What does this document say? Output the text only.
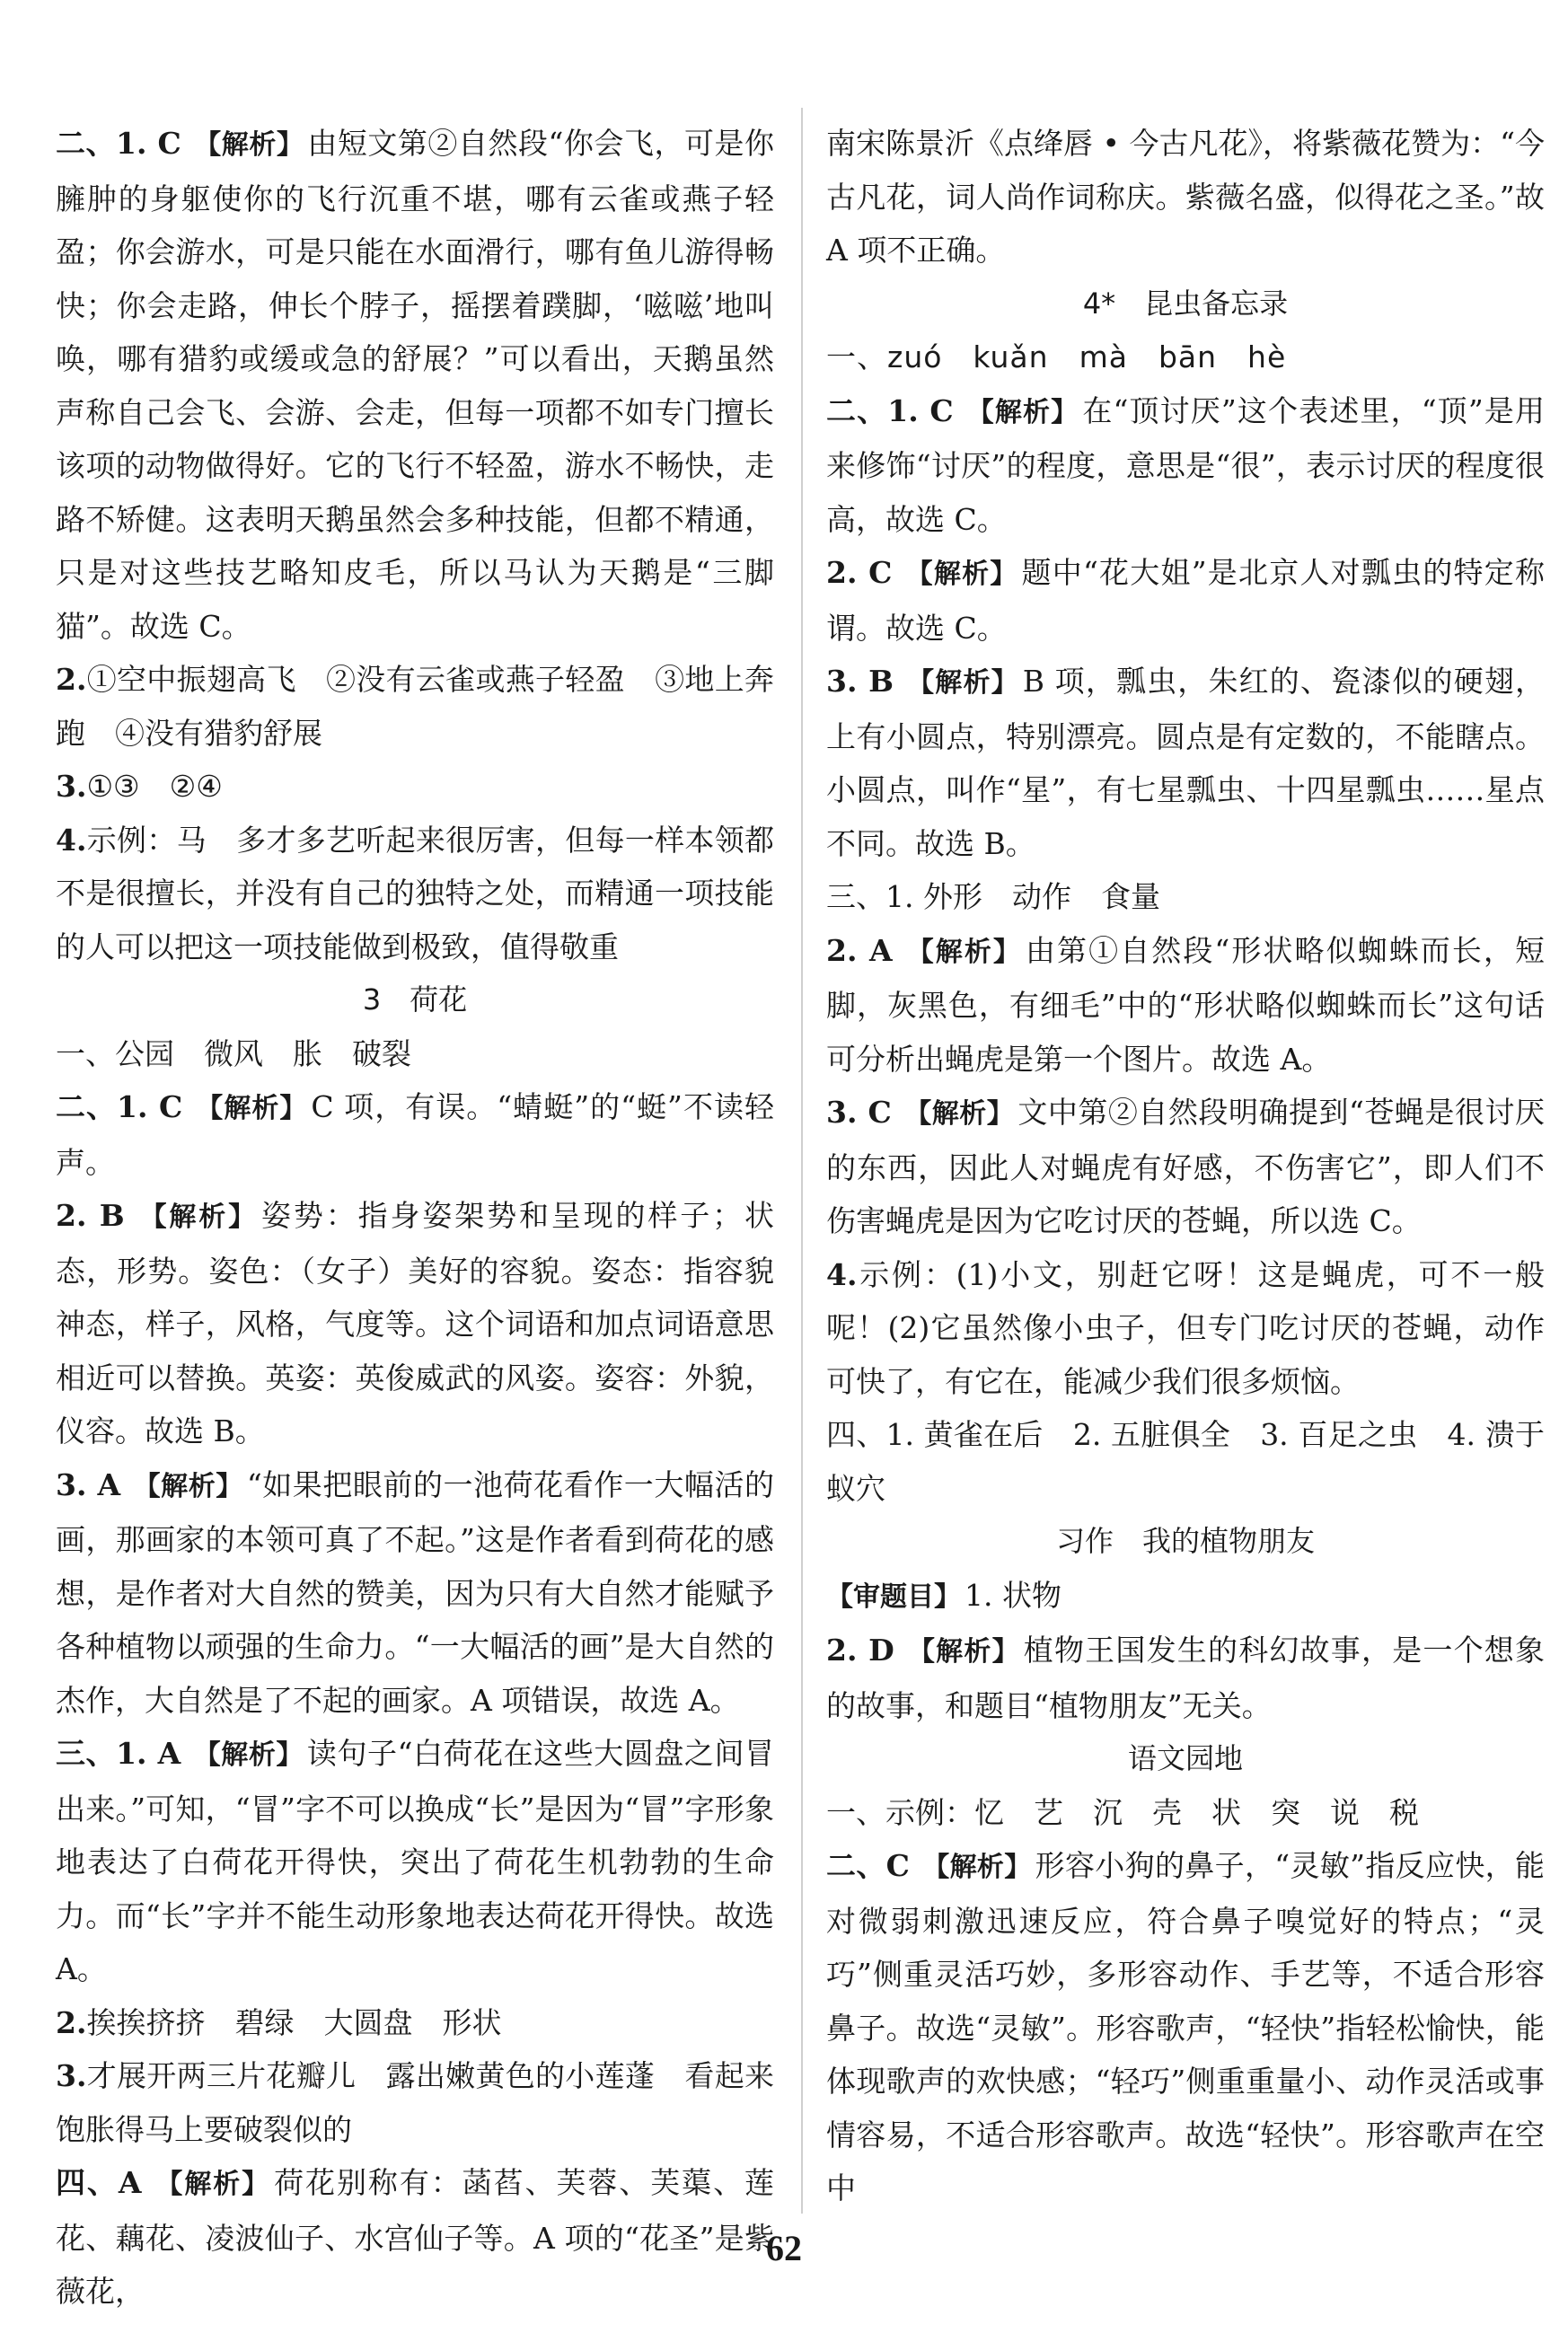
二、1. C 【解析】 由短文第②自然段“你会飞，可是你臃肿的身躯使你的飞行沉重不堪，哪有云雀或燕子轻盈；你会游水，可是只能在水面滑行，哪有鱼儿游得畅快；你会走路，伸长个脖子，摇摆着蹼脚，‘嗞嗞’地叫唤，哪有猎豹或缓或急的舒展？”可以看出，天鹅虽然声称自己会飞、会游、会走，但每一项都不如专门擅长该项的动物做得好。它的飞行不轻盈，游水不畅快，走路不矫健。这表明天鹅虽然会多种技能，但都不精通，只是对这些技艺略知皮毛，所以马认为天鹅是“三脚猫”。故选 C。

2.①空中振翅高飞　②没有云雀或燕子轻盈　③地上奔跑　④没有猎豹舒展

3.①③　②④

4.示例：马　多才多艺听起来很厉害，但每一样本领都不是很擅长，并没有自己的独特之处，而精通一项技能的人可以把这一项技能做到极致，值得敬重

3　荷花

一、公园　微风　胀　破裂

二、1. C 【解析】 C 项，有误。“蜻蜓”的“蜓”不读轻声。

2. B 【解析】 姿势：指身姿架势和呈现的样子；状态，形势。姿色：（女子）美好的容貌。姿态：指容貌神态，样子，风格，气度等。这个词语和加点词语意思相近可以替换。英姿：英俊威武的风姿。姿容：外貌，仪容。故选 B。

3. A 【解析】 “如果把眼前的一池荷花看作一大幅活的画，那画家的本领可真了不起。”这是作者看到荷花的感想，是作者对大自然的赞美，因为只有大自然才能赋予各种植物以顽强的生命力。“一大幅活的画”是大自然的杰作，大自然是了不起的画家。A 项错误，故选 A。

三、1. A 【解析】 读句子“白荷花在这些大圆盘之间冒出来。”可知，“冒”字不可以换成“长”是因为“冒”字形象地表达了白荷花开得快，突出了荷花生机勃勃的生命力。而“长”字并不能生动形象地表达荷花开得快。故选 A。

2.挨挨挤挤　碧绿　大圆盘　形状

3.才展开两三片花瓣儿　露出嫩黄色的小莲蓬　看起来饱胀得马上要破裂似的

四、A 【解析】 荷花别称有：菡萏、芙蓉、芙蕖、莲花、藕花、凌波仙子、水宫仙子等。A 项的“花圣”是紫薇花，

南宋陈景沂《点绛唇 • 今古凡花》，将紫薇花赞为：“今古凡花，词人尚作词称庆。紫薇名盛，似得花之圣。”故 A 项不正确。

4*　昆虫备忘录

一、zuó　kuǎn　mà　bān　hè

二、1. C 【解析】 在“顶讨厌”这个表述里，“顶”是用来修饰“讨厌”的程度，意思是“很”，表示讨厌的程度很高，故选 C。

2. C 【解析】 题中“花大姐”是北京人对瓢虫的特定称谓。故选 C。

3. B 【解析】 B 项，瓢虫，朱红的、瓷漆似的硬翅，上有小圆点，特别漂亮。圆点是有定数的，不能瞎点。小圆点，叫作“星”，有七星瓢虫、十四星瓢虫……星点不同。故选 B。

三、1. 外形　动作　食量

2. A 【解析】 由第①自然段“形状略似蜘蛛而长，短脚，灰黑色，有细毛”中的“形状略似蜘蛛而长”这句话可分析出蝇虎是第一个图片。故选 A。

3. C 【解析】 文中第②自然段明确提到“苍蝇是很讨厌的东西，因此人对蝇虎有好感，不伤害它”，即人们不伤害蝇虎是因为它吃讨厌的苍蝇，所以选 C。

4.示例：(1)小文，别赶它呀！这是蝇虎，可不一般呢！(2)它虽然像小虫子，但专门吃讨厌的苍蝇，动作可快了，有它在，能减少我们很多烦恼。

四、1. 黄雀在后　2. 五脏俱全　3. 百足之虫　4. 溃于蚁穴

习作　我的植物朋友

【审题目】 1. 状物

2. D 【解析】 植物王国发生的科幻故事，是一个想象的故事，和题目“植物朋友”无关。

语文园地

一、示例：忆　艺　沉　壳　状　突　说　税

二、C 【解析】 形容小狗的鼻子，“灵敏”指反应快，能对微弱刺激迅速反应，符合鼻子嗅觉好的特点；“灵巧”侧重灵活巧妙，多形容动作、手艺等，不适合形容鼻子。故选“灵敏”。形容歌声，“轻快”指轻松愉快，能体现歌声的欢快感；“轻巧”侧重重量小、动作灵活或事情容易，不适合形容歌声。故选“轻快”。形容歌声在空中

62
